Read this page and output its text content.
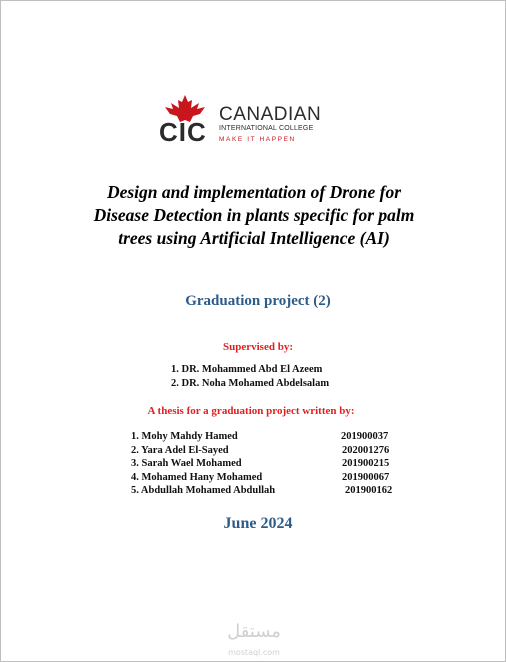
CIC
CANADIAN
INTERNATIONAL COLLEGE
MAKE IT HAPPEN
Design and implementation of Drone for
Disease Detection in plants specific for palm
trees using Artificial Intelligence (AI)
Graduation project (2)
Supervised by:
1. DR. Mohammed Abd El Azeem
2. DR. Noha Mohamed Abdelsalam
A thesis for a graduation project written by:
1. Mohy Mahdy Hamed	201900037
2. Yara Adel El-Sayed	202001276
3. Sarah Wael Mohamed	201900215
4. Mohamed Hany Mohamed	201900067
5. Abdullah Mohamed Abdullah	201900162
June 2024
مستقل
mostaql.com
